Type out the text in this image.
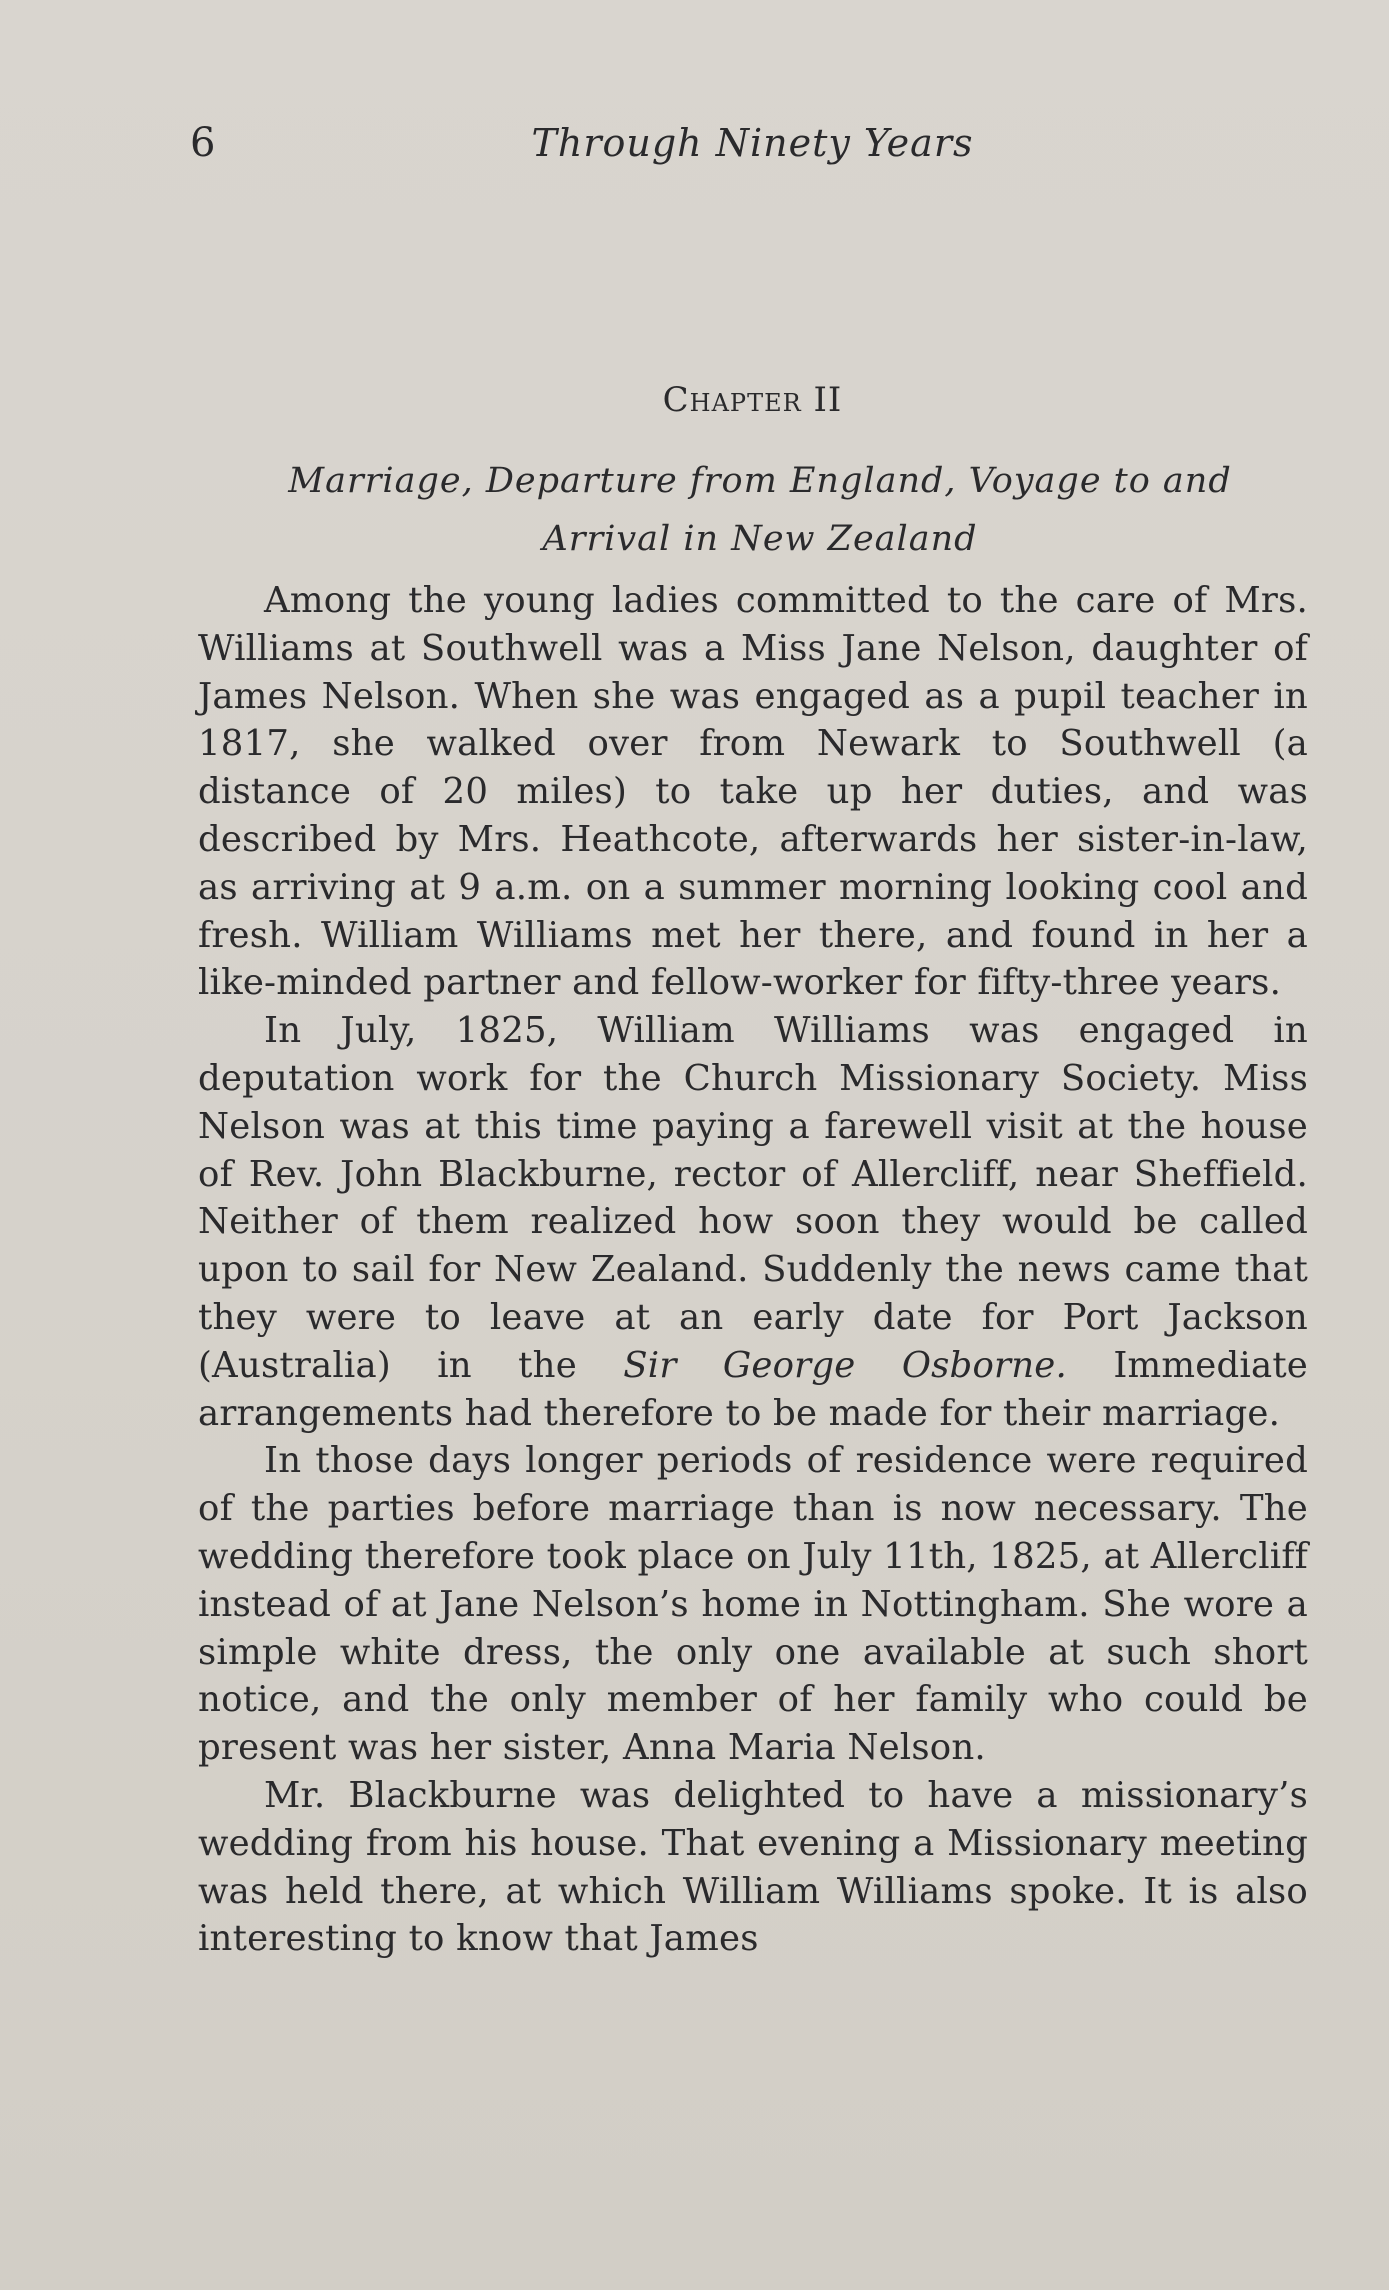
6	Through Ninety Years
Chapter II
Marriage, Departure from England, Voyage to and
Arrival in New Zealand

Among the young ladies committed to the care of Mrs. Williams at Southwell was a Miss Jane Nelson, daughter of James Nelson. When she was engaged as a pupil teacher in 1817, she walked over from Newark to Southwell (a distance of 20 miles) to take up her duties, and was described by Mrs. Heathcote, afterwards her sister-in-law, as arriving at 9 a.m. on a summer morning looking cool and fresh. William Williams met her there, and found in her a like-minded partner and fellow-worker for fifty-three years.

In July, 1825, William Williams was engaged in deputation work for the Church Missionary Society. Miss Nelson was at this time paying a farewell visit at the house of Rev. John Blackburne, rector of Allercliff, near Sheffield. Neither of them realized how soon they would be called upon to sail for New Zealand. Suddenly the news came that they were to leave at an early date for Port Jackson (Australia) in the Sir George Osborne. Immediate arrangements had therefore to be made for their marriage.

In those days longer periods of residence were required of the parties before marriage than is now necessary. The wedding therefore took place on July 11th, 1825, at Allercliff instead of at Jane Nelson’s home in Nottingham. She wore a simple white dress, the only one available at such short notice, and the only member of her family who could be present was her sister, Anna Maria Nelson.

Mr. Blackburne was delighted to have a missionary’s wedding from his house. That evening a Missionary meeting was held there, at which William Williams spoke. It is also interesting to know that James
